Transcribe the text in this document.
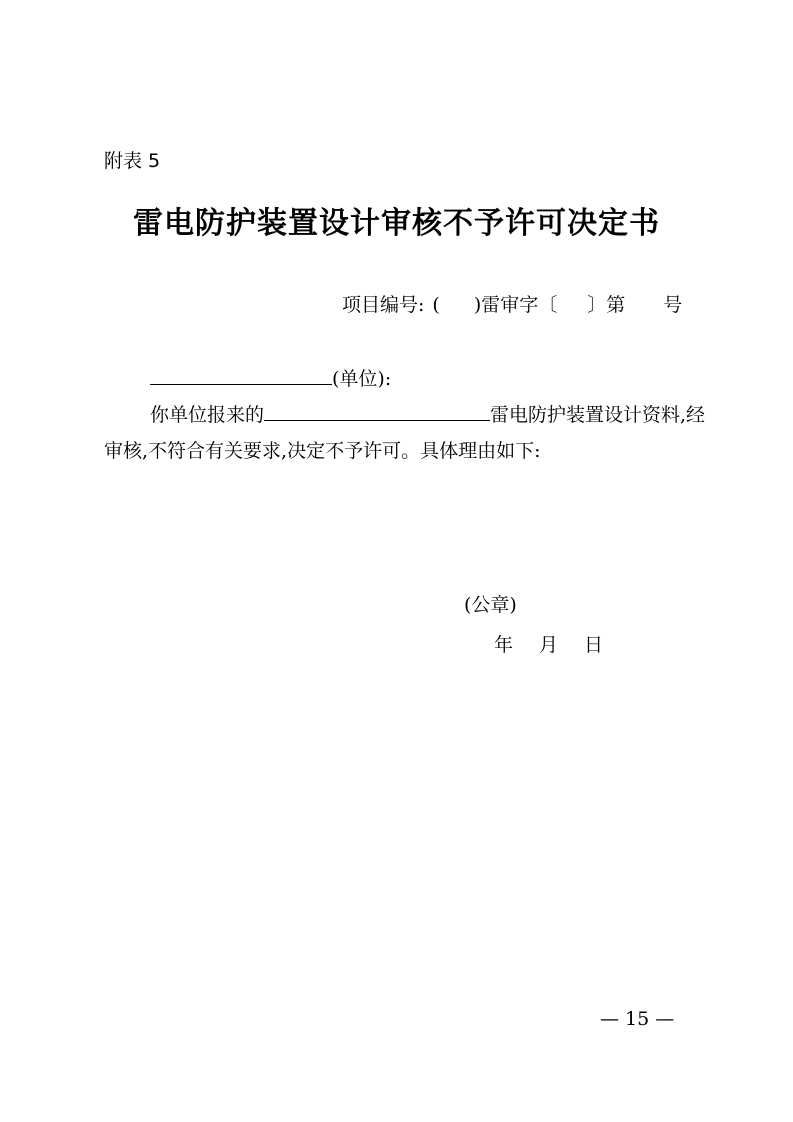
附表 5
雷电防护装置设计审核不予许可决定书
项目编号: ( )雷审字〔 〕第 号
(单位):
你单位报来的	雷电防护装置设计资料,经
审核,不符合有关要求,决定不予许可。具体理由如下:
(公章)
年 月 日
— 15 —
